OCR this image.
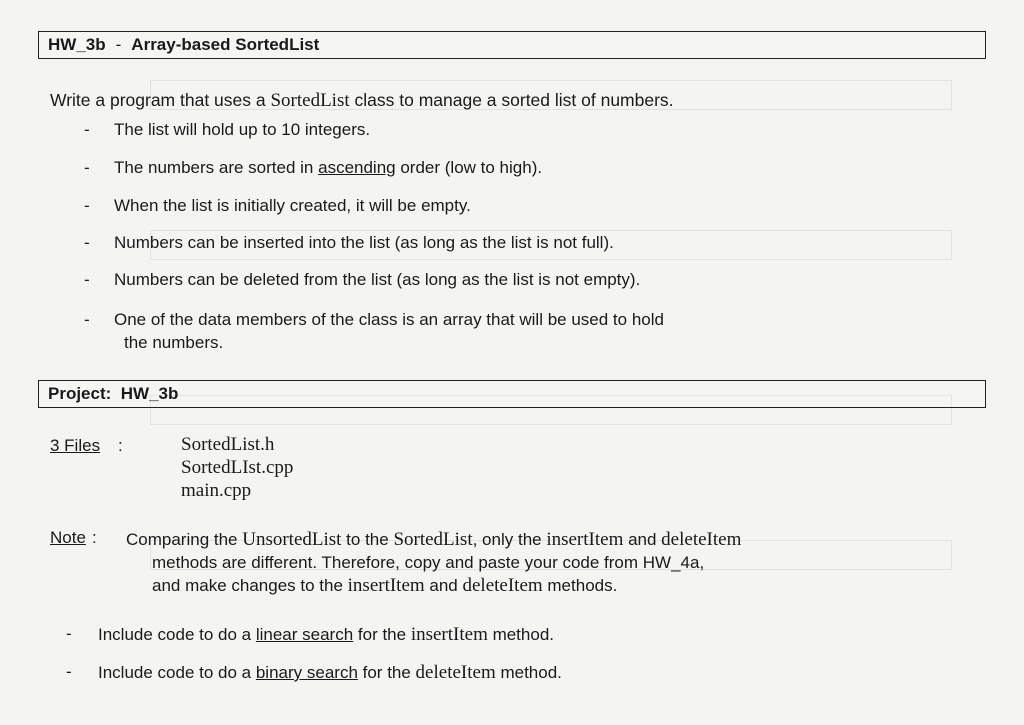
HW_3b - Array-based SortedList
Write a program that uses a SortedList class to manage a sorted list of numbers.
- The list will hold up to 10 integers.
- The numbers are sorted in ascending order (low to high).
- When the list is initially created, it will be empty.
- Numbers can be inserted into the list (as long as the list is not full).
- Numbers can be deleted from the list (as long as the list is not empty).
- One of the data members of the class is an array that will be used to hold
the numbers.
Project: HW_3b
3 Files :	SortedList.h
SortedLIst.cpp
main.cpp
Note : Comparing the UnsortedList to the SortedList, only the insertItem and deleteItem
methods are different. Therefore, copy and paste your code from HW_4a,
and make changes to the insertItem and deleteItem methods.
- Include code to do a linear search for the insertItem method.
- Include code to do a binary search for the deleteItem method.
